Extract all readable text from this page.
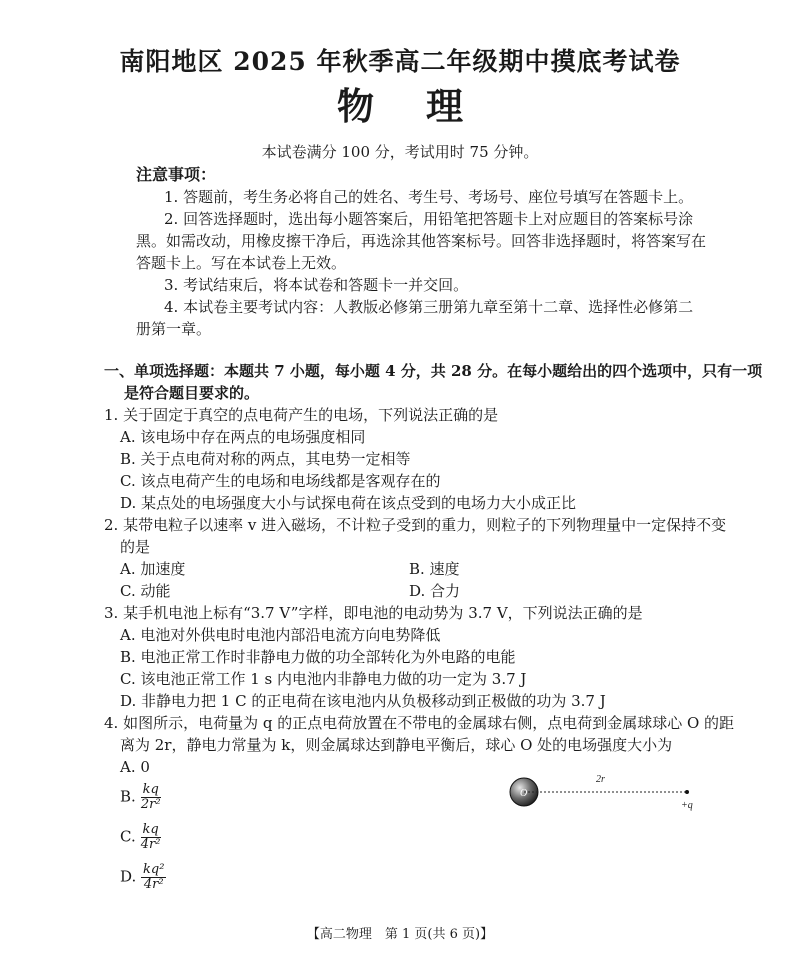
南阳地区 2025 年秋季高二年级期中摸底考试卷
物理
本试卷满分 100 分，考试用时 75 分钟。
注意事项：
1. 答题前，考生务必将自己的姓名、考生号、考场号、座位号填写在答题卡上。
2. 回答选择题时，选出每小题答案后，用铅笔把答题卡上对应题目的答案标号涂
黑。如需改动，用橡皮擦干净后，再选涂其他答案标号。回答非选择题时，将答案写在
答题卡上。写在本试卷上无效。
3. 考试结束后，将本试卷和答题卡一并交回。
4. 本试卷主要考试内容：人教版必修第三册第九章至第十二章、选择性必修第二
册第一章。
一、单项选择题：本题共 7 小题，每小题 4 分，共 28 分。在每小题给出的四个选项中，只有一项
是符合题目要求的。
1. 关于固定于真空的点电荷产生的电场，下列说法正确的是
A. 该电场中存在两点的电场强度相同
B. 关于点电荷对称的两点，其电势一定相等
C. 该点电荷产生的电场和电场线都是客观存在的
D. 某点处的电场强度大小与试探电荷在该点受到的电场力大小成正比
2. 某带电粒子以速率 v 进入磁场，不计粒子受到的重力，则粒子的下列物理量中一定保持不变
的是
A. 加速度	B. 速度
C. 动能	D. 合力
3. 某手机电池上标有“3.7 V”字样，即电池的电动势为 3.7 V，下列说法正确的是
A. 电池对外供电时电池内部沿电流方向电势降低
B. 电池正常工作时非静电力做的功全部转化为外电路的电能
C. 该电池正常工作 1 s 内电池内非静电力做的功一定为 3.7 J
D. 非静电力把 1 C 的正电荷在该电池内从负极移动到正极做的功为 3.7 J
4. 如图所示，电荷量为 q 的正点电荷放置在不带电的金属球右侧，点电荷到金属球球心 O 的距
离为 2r，静电力常量为 k，则金属球达到静电平衡后，球心 O 处的电场强度大小为
A. 0
B. $\frac{kq}{\text{2r²}}$
C. $\frac{kq}{\text{4r²}}$
D. $\frac{\text{kq²}}{\text{4r²}}$
O
2r
+q
【高二物理　第 1 页(共 6 页)】
